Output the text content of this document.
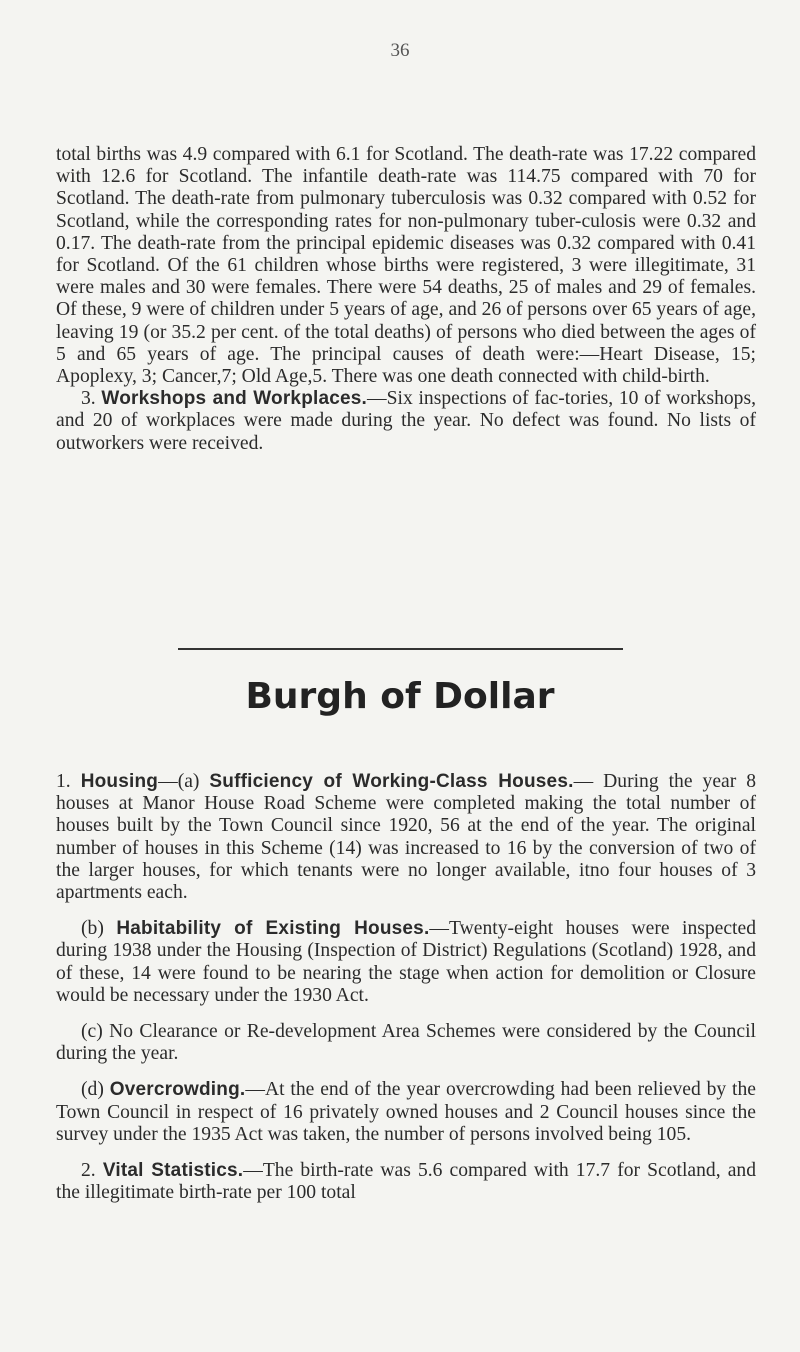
36

total births was 4.9 compared with 6.1 for Scotland. The death-rate was 17.22 compared with 12.6 for Scotland. The infantile death-rate was 114.75 compared with 70 for Scotland. The death-rate from pulmonary tuberculosis was 0.32 compared with 0.52 for Scotland, while the corresponding rates for non-pulmonary tuber-culosis were 0.32 and 0.17. The death-rate from the principal epidemic diseases was 0.32 compared with 0.41 for Scotland. Of the 61 children whose births were registered, 3 were illegitimate, 31 were males and 30 were females. There were 54 deaths, 25 of males and 29 of females. Of these, 9 were of children under 5 years of age, and 26 of persons over 65 years of age, leaving 19 (or 35.2 per cent. of the total deaths) of persons who died between the ages of 5 and 65 years of age. The principal causes of death were:—Heart Disease, 15; Apoplexy, 3; Cancer,7; Old Age,5. There was one death connected with child-birth.

3. Workshops and Workplaces.—Six inspections of fac-tories, 10 of workshops, and 20 of workplaces were made during the year. No defect was found. No lists of outworkers were received.

Burgh of Dollar

1. Housing—(a) Sufficiency of Working-Class Houses.— During the year 8 houses at Manor House Road Scheme were completed making the total number of houses built by the Town Council since 1920, 56 at the end of the year. The original number of houses in this Scheme (14) was increased to 16 by the conversion of two of the larger houses, for which tenants were no longer available, itno four houses of 3 apartments each.

(b) Habitability of Existing Houses.—Twenty-eight houses were inspected during 1938 under the Housing (Inspection of District) Regulations (Scotland) 1928, and of these, 14 were found to be nearing the stage when action for demolition or Closure would be necessary under the 1930 Act.

(c) No Clearance or Re-development Area Schemes were considered by the Council during the year.

(d) Overcrowding.—At the end of the year overcrowding had been relieved by the Town Council in respect of 16 privately owned houses and 2 Council houses since the survey under the 1935 Act was taken, the number of persons involved being 105.

2. Vital Statistics.—The birth-rate was 5.6 compared with 17.7 for Scotland, and the illegitimate birth-rate per 100 total
